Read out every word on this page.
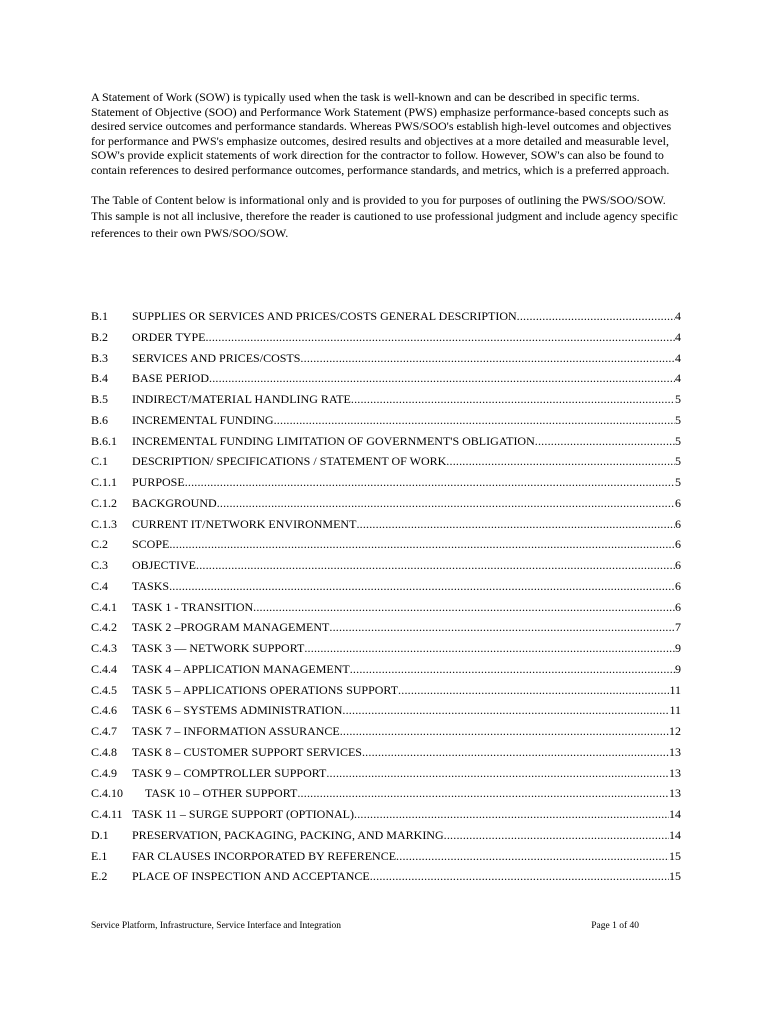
A Statement of Work (SOW) is typically used when the task is well-known and can be described in specific terms. Statement of Objective (SOO) and Performance Work Statement (PWS) emphasize performance-based concepts such as desired service outcomes and performance standards. Whereas PWS/SOO's establish high-level outcomes and objectives for performance and PWS's emphasize outcomes, desired results and objectives at a more detailed and measurable level, SOW's provide explicit statements of work direction for the contractor to follow. However, SOW's can also be found to contain references to desired performance outcomes, performance standards, and metrics, which is a preferred approach.

The Table of Content below is informational only and is provided to you for purposes of outlining the PWS/SOO/SOW. This sample is not all inclusive, therefore the reader is cautioned to use professional judgment and include agency specific references to their own PWS/SOO/SOW.

B.1 SUPPLIES OR SERVICES AND PRICES/COSTS GENERAL DESCRIPTION .....	4
B.2 ORDER TYPE .....	4
B.3 SERVICES AND PRICES/COSTS .....	4
B.4 BASE PERIOD .....	4
B.5 INDIRECT/MATERIAL HANDLING RATE .....	5
B.6 INCREMENTAL FUNDING .....	5
B.6.1 INCREMENTAL FUNDING LIMITATION OF GOVERNMENT'S OBLIGATION .....	5
C.1 DESCRIPTION/ SPECIFICATIONS / STATEMENT OF WORK .....	5
C.1.1 PURPOSE .....	5
C.1.2 BACKGROUND .....	6
C.1.3 CURRENT IT/NETWORK ENVIRONMENT .....	6
C.2 SCOPE .....	6
C.3 OBJECTIVE .....	6
C.4 TASKS .....	6
C.4.1 TASK 1 - TRANSITION .....	6
C.4.2 TASK 2 –PROGRAM MANAGEMENT .....	7
C.4.3 TASK 3 — NETWORK SUPPORT .....	9
C.4.4 TASK 4 – APPLICATION MANAGEMENT .....	9
C.4.5 TASK 5 – APPLICATIONS OPERATIONS SUPPORT .....	11
C.4.6 TASK 6 – SYSTEMS ADMINISTRATION .....	11
C.4.7 TASK 7 – INFORMATION ASSURANCE .....	12
C.4.8 TASK 8 – CUSTOMER SUPPORT SERVICES .....	13
C.4.9 TASK 9 – COMPTROLLER SUPPORT .....	13
C.4.10 TASK 10 – OTHER SUPPORT .....	13
C.4.11 TASK 11 – SURGE SUPPORT (OPTIONAL) .....	14
D.1 PRESERVATION, PACKAGING, PACKING, AND MARKING .....	14
E.1 FAR CLAUSES INCORPORATED BY REFERENCE .....	15
E.2 PLACE OF INSPECTION AND ACCEPTANCE .....	15
Service Platform, Infrastructure, Service Interface and Integration	Page 1 of 40
